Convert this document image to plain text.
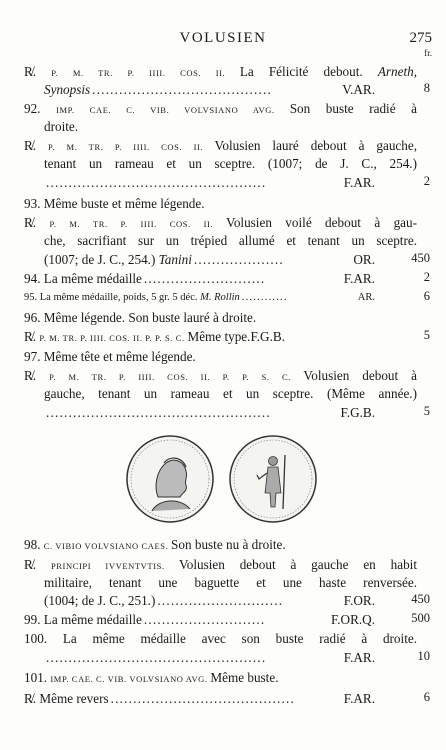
VOLUSIEN	275
fr.
R̸. P. M. TR. P. IIII. COS. II. La Félicité debout. Arneth,
Synopsis ........................................	V.AR.	8
92. IMP. CAE. C. VIB. VOLVSIANO AVG. Son buste radié à
droite.
R̸. P. M. TR. P. IIII. COS. II. Volusien lauré debout à gauche,
tenant un rameau et un sceptre. (1007; de J. C., 254.)
.................................................	F.AR.	2
93. Même buste et même légende.
R̸. P. M. TR. P. IIII. COS. II. Volusien voilé debout à gau-
che, sacrifiant sur un trépied allumé et tenant un sceptre.
(1007; de J. C., 254.) Tanini ....................	OR.	450
94. La même médaille ...........................	F.AR.	2
95. La même médaille, poids, 5 gr. 5 déc. M. Rollin ............	AR.	6
96. Même légende. Son buste lauré à droite.
R̸. P. M. TR. P. IIII. COS. II. P. P. S. C. Même type.F.G.B.	5
97. Même tête et même légende.
R̸. P. M. TR. P. IIII. COS. II. P. P. S. C. Volusien debout à
gauche, tenant un rameau et un sceptre. (Même année.)
..................................................	F.G.B.	5
98. C. VIBIO VOLVSIANO CAES. Son buste nu à droite.
R̸. PRINCIPI IVVENTVTIS. Volusien debout à gauche en habit
militaire, tenant une baguette et une haste renversée.
(1004; de J. C., 251.) ............................	F.OR.	450
99. La même médaille ...........................	F.OR.Q.	500
100. La même médaille avec son buste radié à droite.
.................................................	F.AR.	10
101. IMP. CAE. C. VIB. VOLVSIANO AVG. Même buste.
R̸. Même revers .........................................	F.AR.	6
